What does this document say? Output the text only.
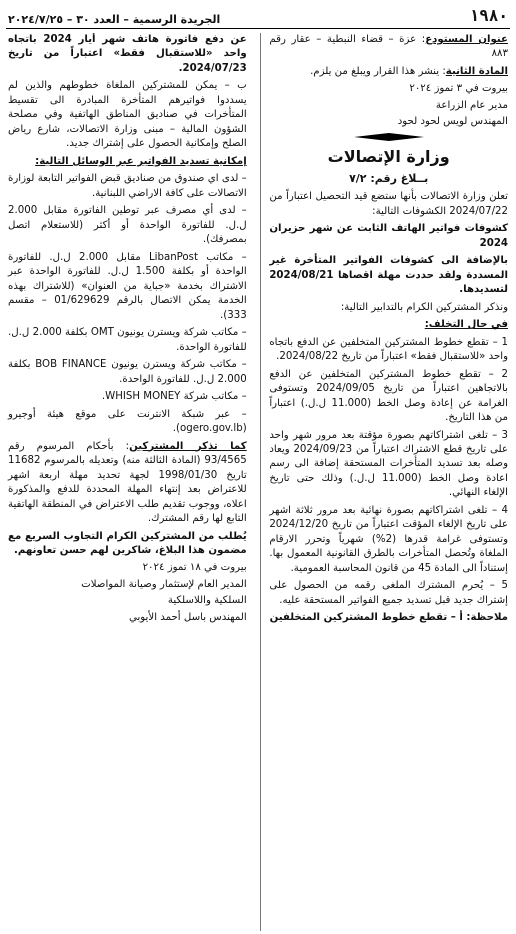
١٩٨٠
الجريدة الرسمية – العدد ٣٠ – ٢٠٢٤/٧/٢٥

عنوان المستودع: عزة – قضاء النبطية – عقار رقم ٨٨٣

المادة الثانية: ينشر هذا القرار ويبلغ من يلزم.

بيروت في ٣ تموز ٢٠٢٤

مدير عام الزراعة

المهندس لويس لحود لحود

وزارة الإتصالات
بــلاغ رقم: ٧/٢

تعلن وزارة الاتصالات بأنها ستضع قيد التحصيل اعتباراً من 2024/07/22 الكشوفات التالية:

كشوفات فواتير الهاتف الثابت عن شهر حزيران 2024

بالإضافة الى كشوفات الفواتير المتأخرة غير المسددة ولقد حددت مهلة اقصاها 2024/08/21 لتسديدها.

ونذكر المشتركين الكرام بالتدابير التالية:

في حال التخلف:

1 – تقطع خطوط المشتركين المتخلفين عن الدفع باتجاه واحد «للاستقبال فقط» اعتباراً من تاريخ 2024/08/22.

2 – تقطع خطوط المشتركين المتخلفين عن الدفع بالاتجاهين اعتباراً من تاريخ 2024/09/05 وتستوفى الغرامة عن إعادة وصل الخط (11.000 ل.ل.) اعتباراً من هذا التاريخ.

3 – تلغى اشتراكاتهم بصورة مؤقتة بعد مرور شهر واحد على تاريخ قطع الاشتراك اعتباراً من 2024/09/23 ويعاد وصله بعد تسديد المتأخرات المستحقة إضافة الى رسم اعادة وصل الخط (11.000 ل.ل.) وذلك حتى تاريخ الإلغاء النهائي.

4 – تلغى اشتراكاتهم بصورة نهائية بعد مرور ثلاثة اشهر على تاريخ الإلغاء المؤقت اعتباراً من تاريخ 2024/12/20 وتستوفى غرامة قدرها (2%) شهرياً وتحرر الارقام الملغاة وتُحصل المتأخرات بالطرق القانونية المعمول بها. إستناداً الى المادة 45 من قانون المحاسبة العمومية.

5 – يُحرم المشترك الملغى رقمه من الحصول على إشتراك جديد قبل تسديد جميع الفواتير المستحقة عليه.

ملاحظة: أ – تقطع خطوط المشتركين المتخلفين

عن دفع فاتورة هاتف شهر أيار 2024 باتجاه واحد «للاستقبال فقط» اعتباراً من تاريخ 2024/07/23.

ب – يمكن للمشتركين الملغاة خطوطهم والذين لم يسددوا فواتيرهم المتأخرة المبادرة الى تقسيط المتأخرات في صناديق المناطق الهاتفية وفي مصلحة الشؤون المالية – مبنى وزارة الاتصالات، شارع رياض الصلح وإمكانية الحصول على إشتراك جديد.

إمكانية تسديد الفواتير عبر الوسائل التالية:

– لدى اي صندوق من صناديق قبض الفواتير التابعة لوزارة الاتصالات على كافة الاراضي اللبنانية.

– لدى أي مصرف عبر توطين الفاتورة مقابل 2.000 ل.ل. للفاتورة الواحدة أو أكثر (للاستعلام اتصل بمصرفك).

– مكاتب LibanPost مقابل 2.000 ل.ل. للفاتورة الواحدة أو بكلفة 1.500 ل.ل. للفاتورة الواحدة عبر الاشتراك بخدمة «جباية من العنوان» (للاشتراك بهذه الخدمة يمكن الاتصال بالرقم 01/629629 – مقسم 333).

– مكاتب شركة ويسترن يونيون OMT بكلفة 2.000 ل.ل. للفاتورة الواحدة.

– مكاتب شركة ويسترن يونيون BOB FINANCE بكلفة 2.000 ل.ل. للفاتورة الواحدة.

– مكاتب شركة WHISH MONEY.

– عبر شبكة الانترنت على موقع هيئة أوجيرو (ogero.gov.lb).

كما تذكر المشتركين: بأحكام المرسوم رقم 93/4565 (المادة الثالثة منه) وتعديله بالمرسوم 11682 تاريخ 1998/01/30 لجهة تحديد مهلة اربعة اشهر للاعتراض بعد إنتهاء المهلة المحددة للدفع والمذكورة اعلاه، ووجوب تقديم طلب الاعتراض في المنطقة الهاتفية التابع لها رقم المشترك.

يُطلب من المشتركين الكرام التجاوب السريع مع مضمون هذا البلاغ، شاكرين لهم حسن تعاونهم.

بيروت في ١٨ تموز ٢٠٢٤

المدير العام لإستثمار وصيانة المواصلات

السلكية واللاسلكية

المهندس باسل أحمد الأيوبي
